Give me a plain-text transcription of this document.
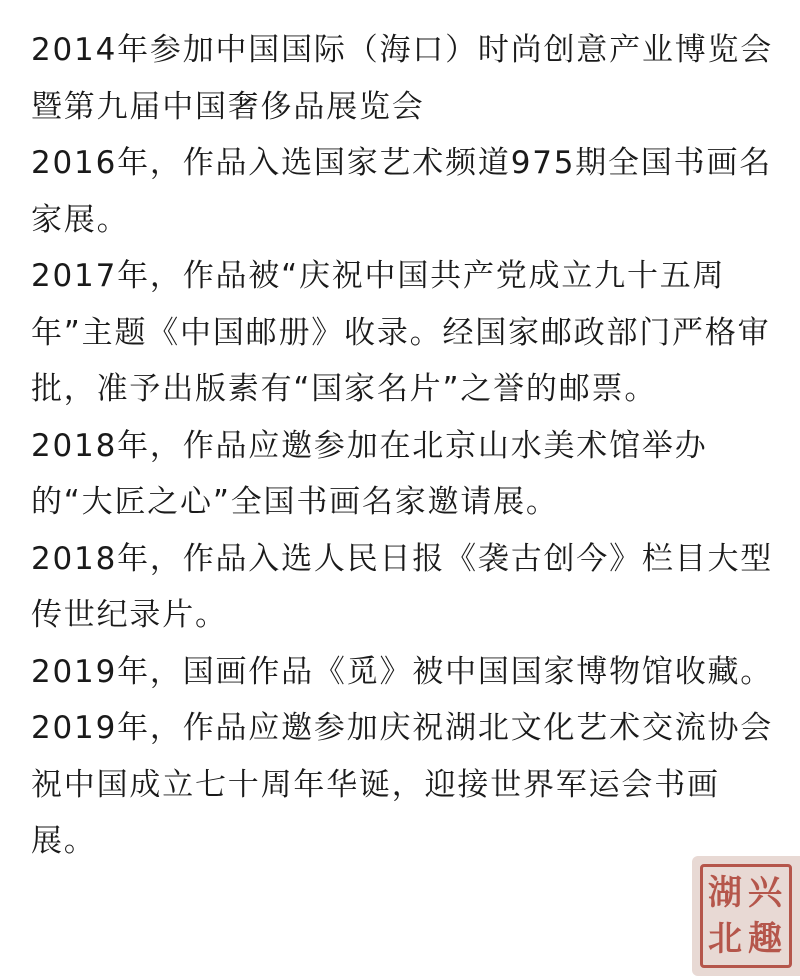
2014年参加中国国际（海口）时尚创意产业博览会暨第九届中国奢侈品展览会

2016年，作品入选国家艺术频道975期全国书画名家展。

2017年，作品被“庆祝中国共产党成立九十五周年”主题《中国邮册》收录。经国家邮政部门严格审批，准予出版素有“国家名片”之誉的邮票。

2018年，作品应邀参加在北京山水美术馆举办的“大匠之心”全国书画名家邀请展。

2018年，作品入选人民日报《袭古创今》栏目大型传世纪录片。

2019年，国画作品《觅》被中国国家博物馆收藏。

2019年，作品应邀参加庆祝湖北文化艺术交流协会祝中国成立七十周年华诞，迎接世界军运会书画展。

湖 兴
北 趣
